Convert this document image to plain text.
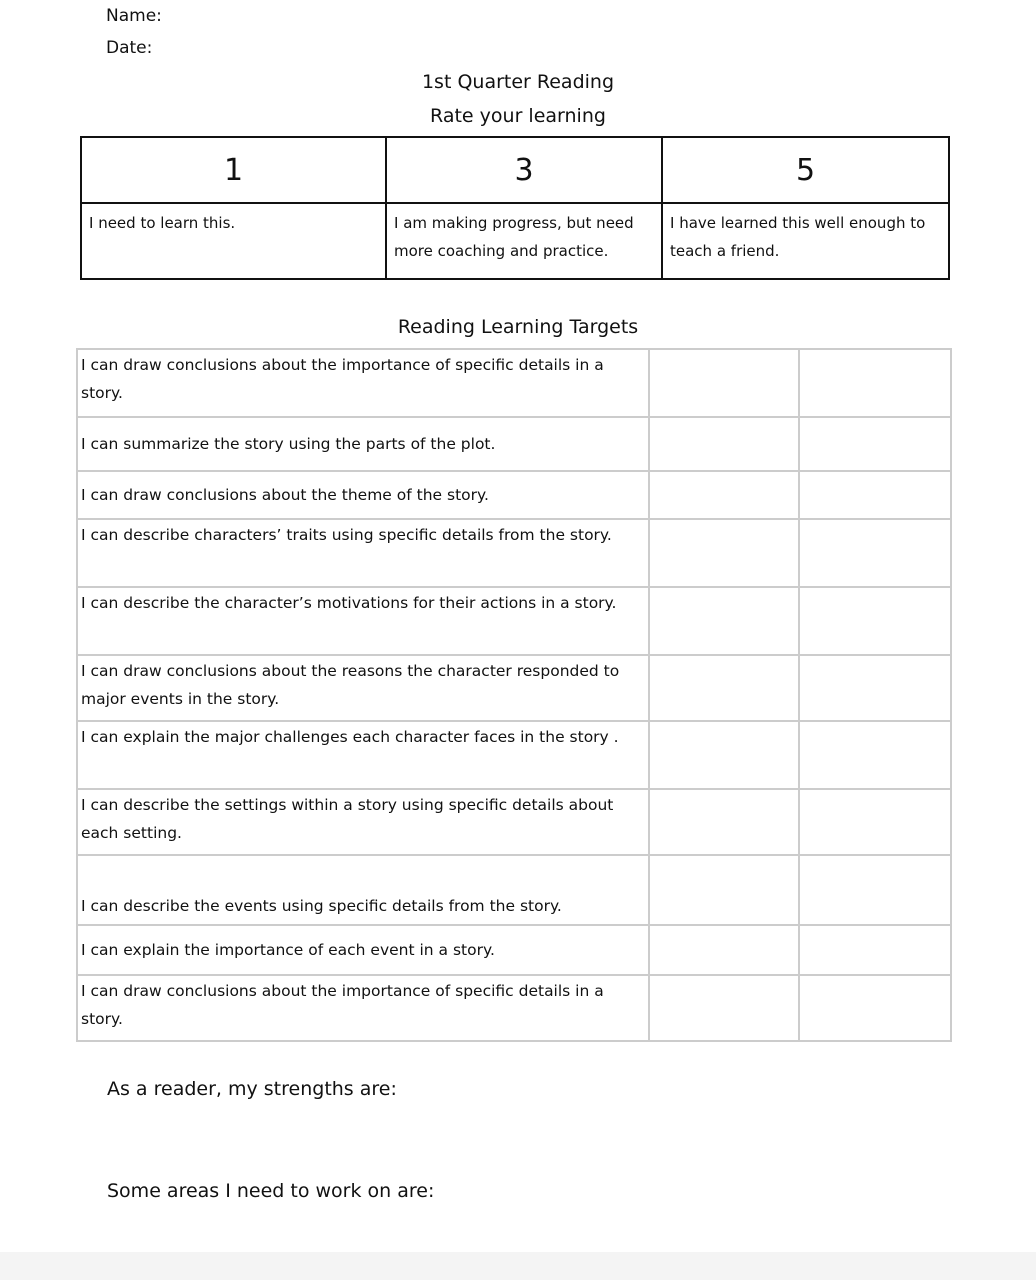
Name:
Date:
1st Quarter Reading
Rate your learning
1	3	5
I need to learn this.	I am making progress, but need more coaching and practice.	I have learned this well enough to teach a friend.
Reading Learning Targets
I can draw conclusions about the importance of specific details in a story.		
I can summarize the story using the parts of the plot.		
I can draw conclusions about the theme of the story.		
I can describe characters’ traits using specific details from the story.		
I can describe the character’s motivations for their actions in a story.		
I can draw conclusions about the reasons the character responded to major events in the story.		
I can explain the major challenges each character faces in the story .		
I can describe the settings within a story using specific details about each setting.		
I can describe the events using specific details from the story.		
I can explain the importance of each event in a story.		
I can draw conclusions about the importance of specific details in a story.		
As a reader, my strengths are:
Some areas I need to work on are:
